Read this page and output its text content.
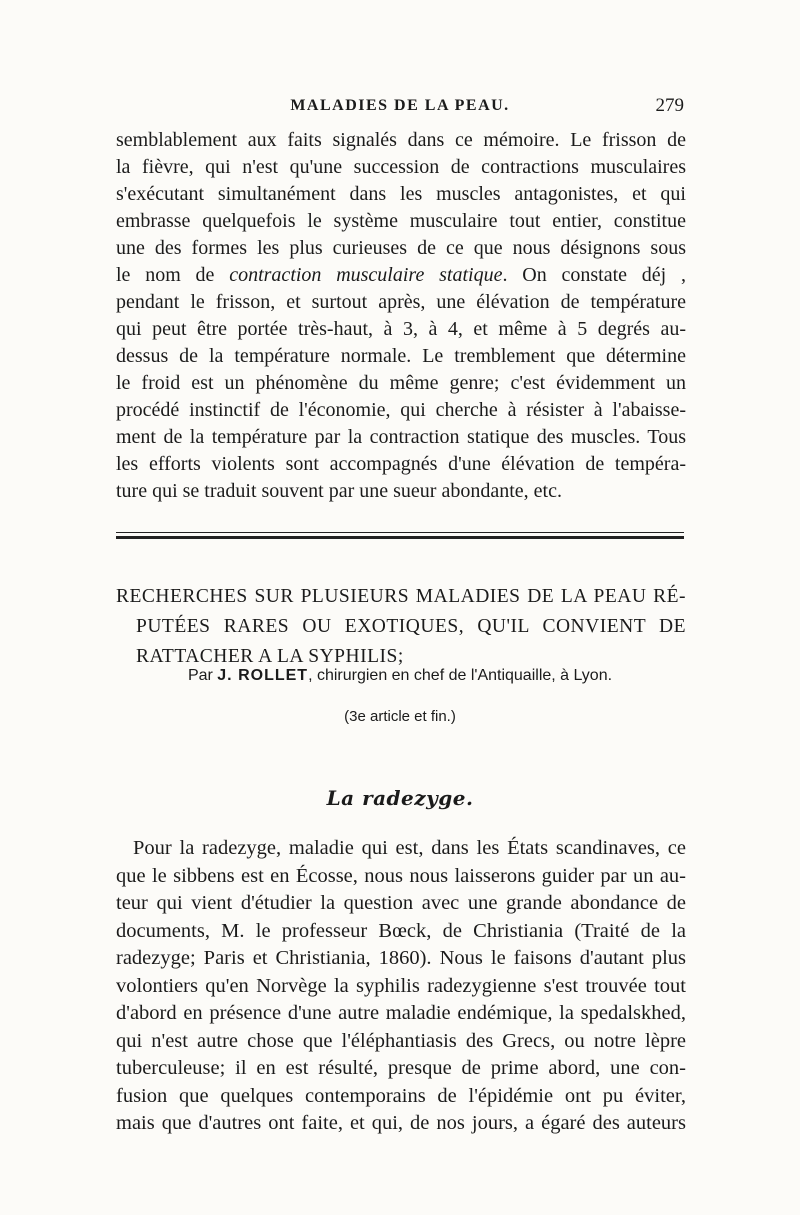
MALADIES DE LA PEAU.	279
semblablement aux faits signalés dans ce mémoire. Le frisson de
la fièvre, qui n'est qu'une succession de contractions musculaires
s'exécutant simultanément dans les muscles antagonistes, et qui
embrasse quelquefois le système musculaire tout entier, constitue
une des formes les plus curieuses de ce que nous désignons sous
le nom de contraction musculaire statique. On constate déj ,
pendant le frisson, et surtout après, une élévation de température
qui peut être portée très-haut, à 3, à 4, et même à 5 degrés au-
dessus de la température normale. Le tremblement que détermine
le froid est un phénomène du même genre; c'est évidemment un
procédé instinctif de l'économie, qui cherche à résister à l'abaisse-
ment de la température par la contraction statique des muscles. Tous
les efforts violents sont accompagnés d'une élévation de tempéra-
ture qui se traduit souvent par une sueur abondante, etc.
RECHERCHES SUR PLUSIEURS MALADIES DE LA PEAU RÉ-
PUTÉES RARES OU EXOTIQUES, QU'IL CONVIENT DE
RATTACHER A LA SYPHILIS;
Par J. ROLLET, chirurgien en chef de l'Antiquaille, à Lyon.
(3e article et fin.)
La radezyge.
Pour la radezyge, maladie qui est, dans les États scandinaves, ce
que le sibbens est en Écosse, nous nous laisserons guider par un au-
teur qui vient d'étudier la question avec une grande abondance de
documents, M. le professeur Bœck, de Christiania (Traité de la
radezyge; Paris et Christiania, 1860). Nous le faisons d'autant plus
volontiers qu'en Norvège la syphilis radezygienne s'est trouvée tout
d'abord en présence d'une autre maladie endémique, la spedalskhed,
qui n'est autre chose que l'éléphantiasis des Grecs, ou notre lèpre
tuberculeuse; il en est résulté, presque de prime abord, une con-
fusion que quelques contemporains de l'épidémie ont pu éviter,
mais que d'autres ont faite, et qui, de nos jours, a égaré des auteurs
